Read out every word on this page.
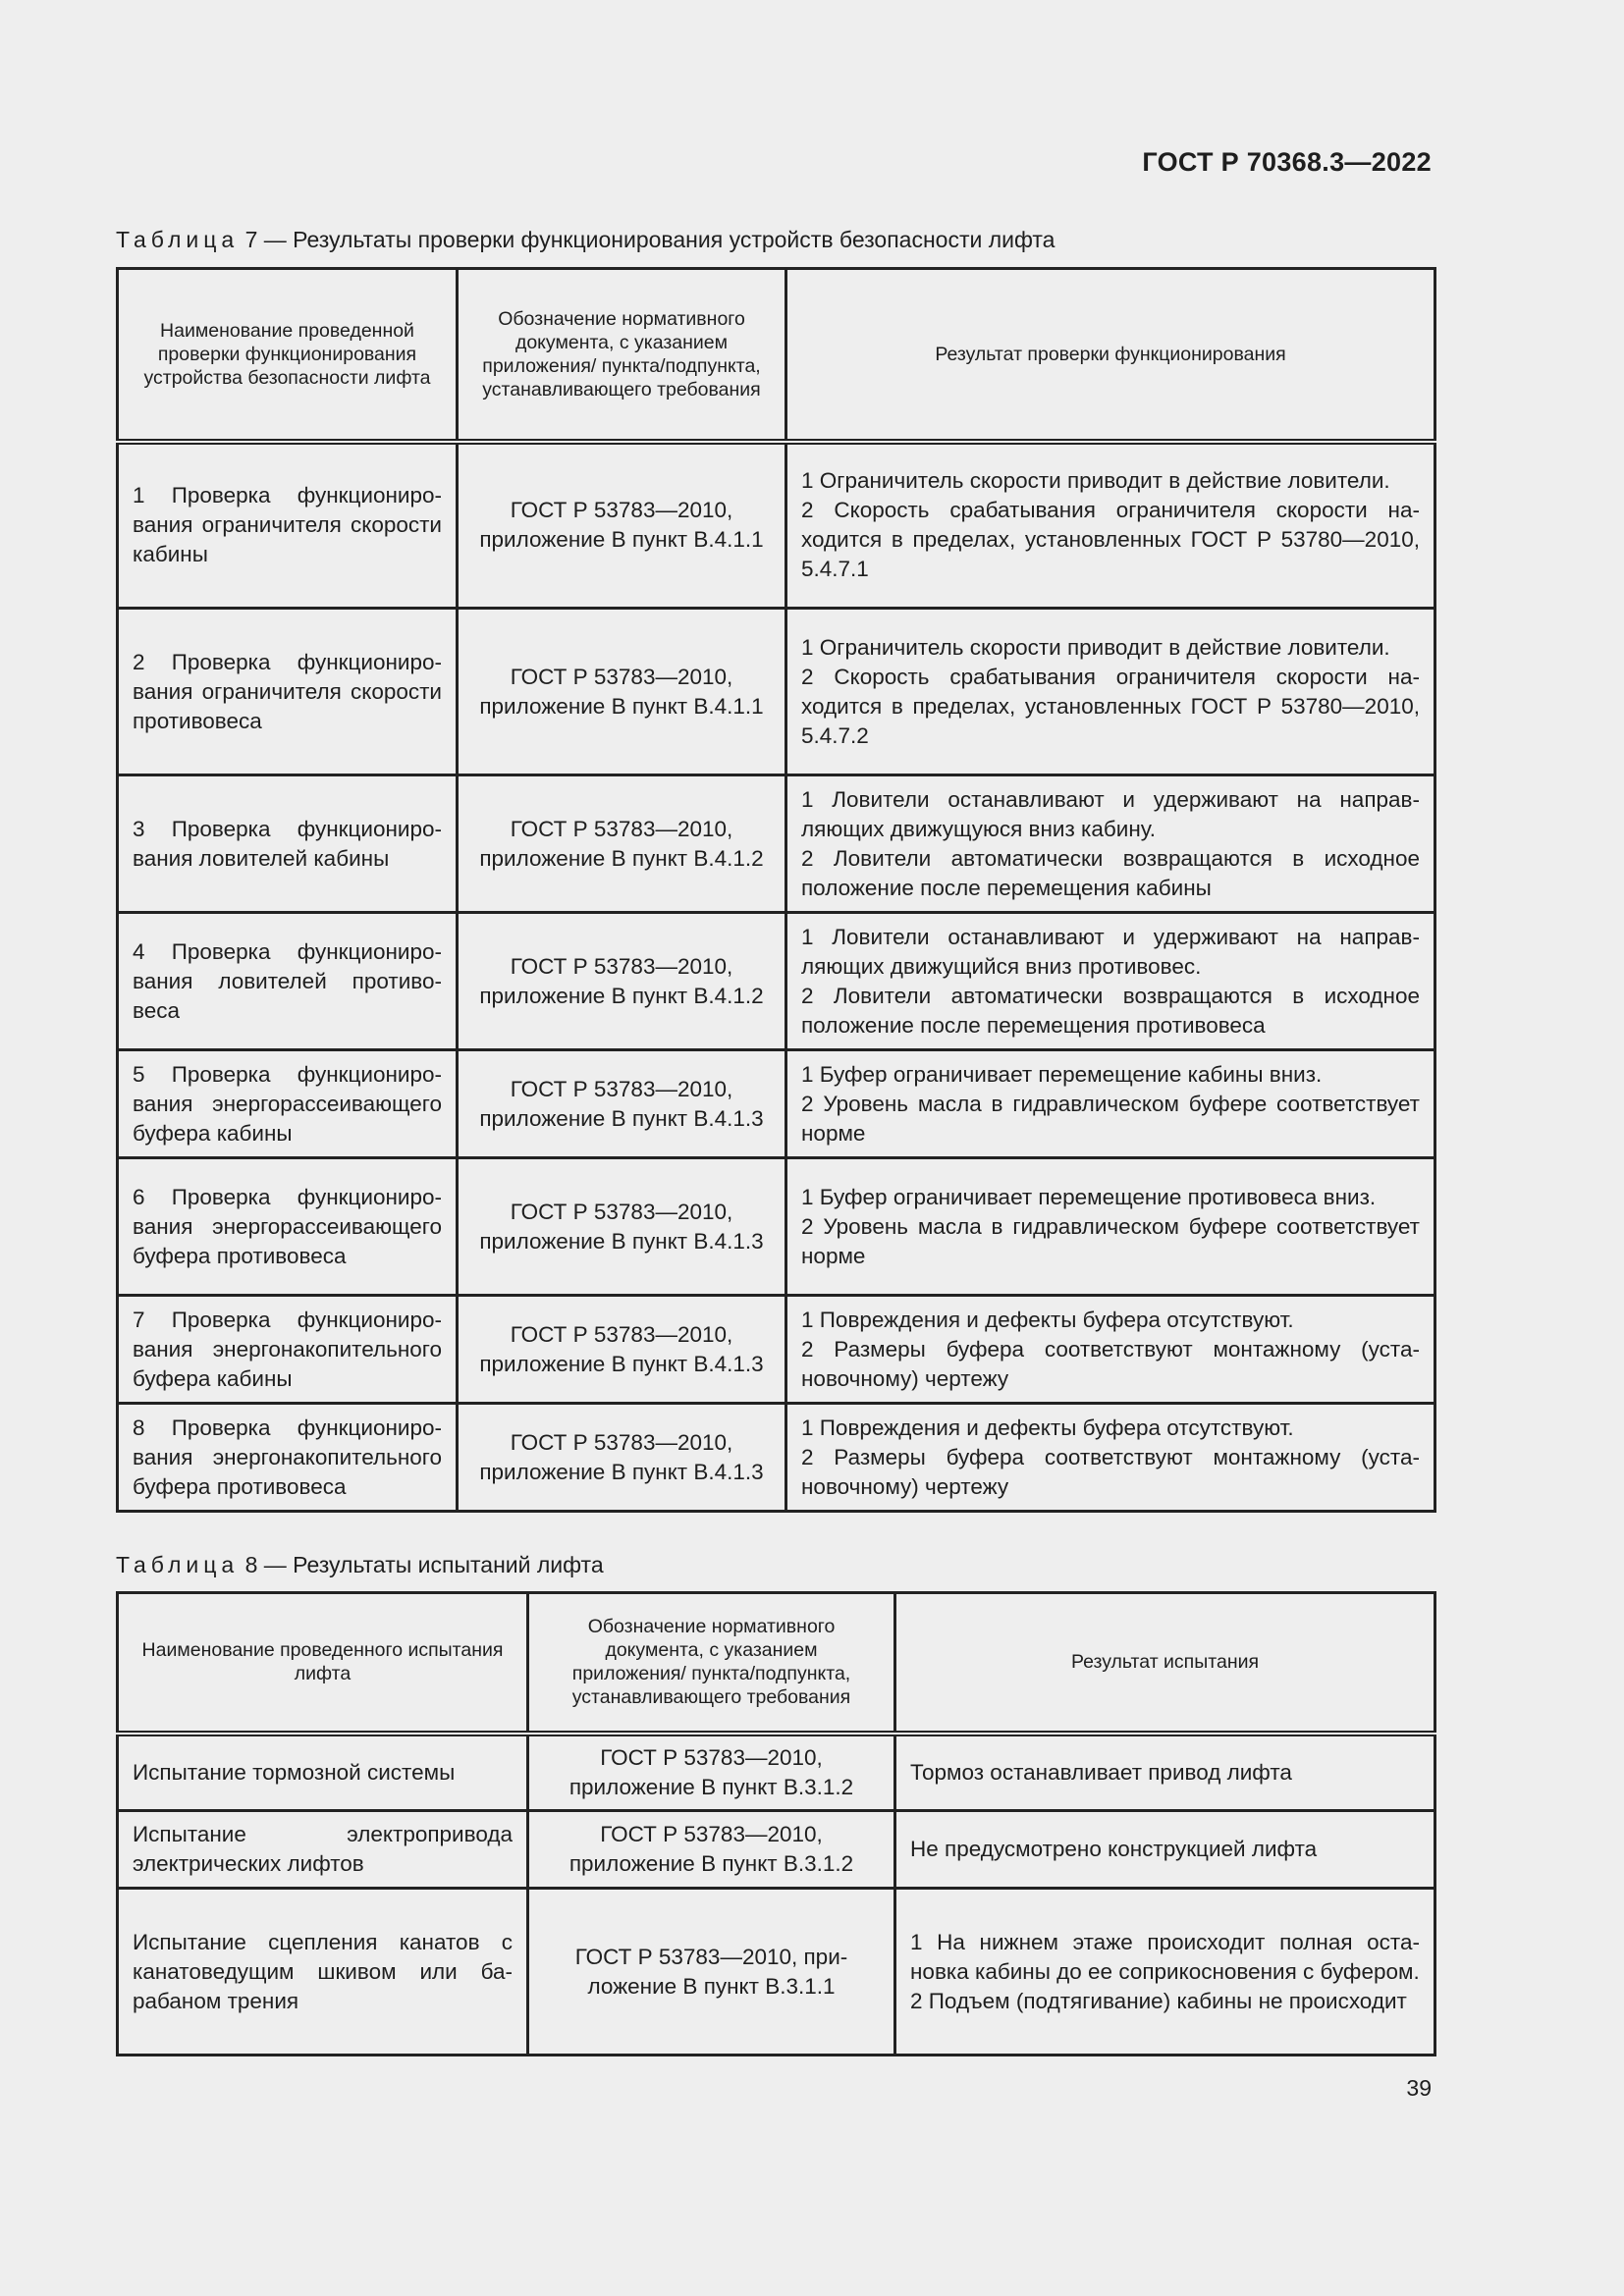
ГОСТ Р 70368.3—2022
Таблица 7 — Результаты проверки функционирования устройств безопасности лифта
Наименование проведенной проверки функционирования устройства безопасности лифта	Обозначение нормативного документа, с указанием приложения/ пункта/подпункта, устанавливающего требования	Результат проверки функционирования
1 Проверка функционирования ограничителя скорости кабины	ГОСТ Р 53783—2010, приложение В пункт В.4.1.1	1 Ограничитель скорости приводит в действие ловители.
2 Скорость срабатывания ограничителя скорости находится в пределах, установленных ГОСТ Р 53780—2010, 5.4.7.1

2 Проверка функционирования ограничителя скорости противовеса	ГОСТ Р 53783—2010, приложение В пункт В.4.1.1	1 Ограничитель скорости приводит в действие ловители.
2 Скорость срабатывания ограничителя скорости находится в пределах, установленных ГОСТ Р 53780—2010, 5.4.7.2

3 Проверка функционирования ловителей кабины	ГОСТ Р 53783—2010, приложение В пункт В.4.1.2	1 Ловители останавливают и удерживают на направляющих движущуюся вниз кабину.
2 Ловители автоматически возвращаются в исходное положение после перемещения кабины

4 Проверка функционирования ловителей противовеса	ГОСТ Р 53783—2010, приложение В пункт В.4.1.2	1 Ловители останавливают и удерживают на направляющих движущийся вниз противовес.
2 Ловители автоматически возвращаются в исходное положение после перемещения противовеса

5 Проверка функционирования энергорассеивающего буфера кабины	ГОСТ Р 53783—2010, приложение В пункт В.4.1.3	1 Буфер ограничивает перемещение кабины вниз.
2 Уровень масла в гидравлическом буфере соответствует норме

6 Проверка функционирования энергорассеивающего буфера противовеса	ГОСТ Р 53783—2010, приложение В пункт В.4.1.3	1 Буфер ограничивает перемещение противовеса вниз.
2 Уровень масла в гидравлическом буфере соответствует норме

7 Проверка функционирования энергонакопительного буфера кабины	ГОСТ Р 53783—2010, приложение В пункт В.4.1.3	1 Повреждения и дефекты буфера отсутствуют.
2 Размеры буфера соответствуют монтажному (установочному) чертежу

8 Проверка функционирования энергонакопительного буфера противовеса	ГОСТ Р 53783—2010, приложение В пункт В.4.1.3	1 Повреждения и дефекты буфера отсутствуют.
2 Размеры буфера соответствуют монтажному (установочному) чертежу
Таблица 8 — Результаты испытаний лифта
Наименование проведенного испытания лифта	Обозначение нормативного документа, с указанием приложения/ пункта/подпункта, устанавливающего требования	Результат испытания
Испытание тормозной системы	ГОСТ Р 53783—2010, приложение В пункт В.3.1.2	Тормоз останавливает привод лифта

Испытание электропривода электрических лифтов	ГОСТ Р 53783—2010, приложение В пункт В.3.1.2	Не предусмотрено конструкцией лифта

Испытание сцепления канатов с канатоведущим шкивом или барабаном трения	ГОСТ Р 53783—2010, приложение В пункт В.3.1.1	1 На нижнем этаже происходит полная остановка кабины до ее соприкосновения с буфером.
2 Подъем (подтягивание) кабины не происходит
39
